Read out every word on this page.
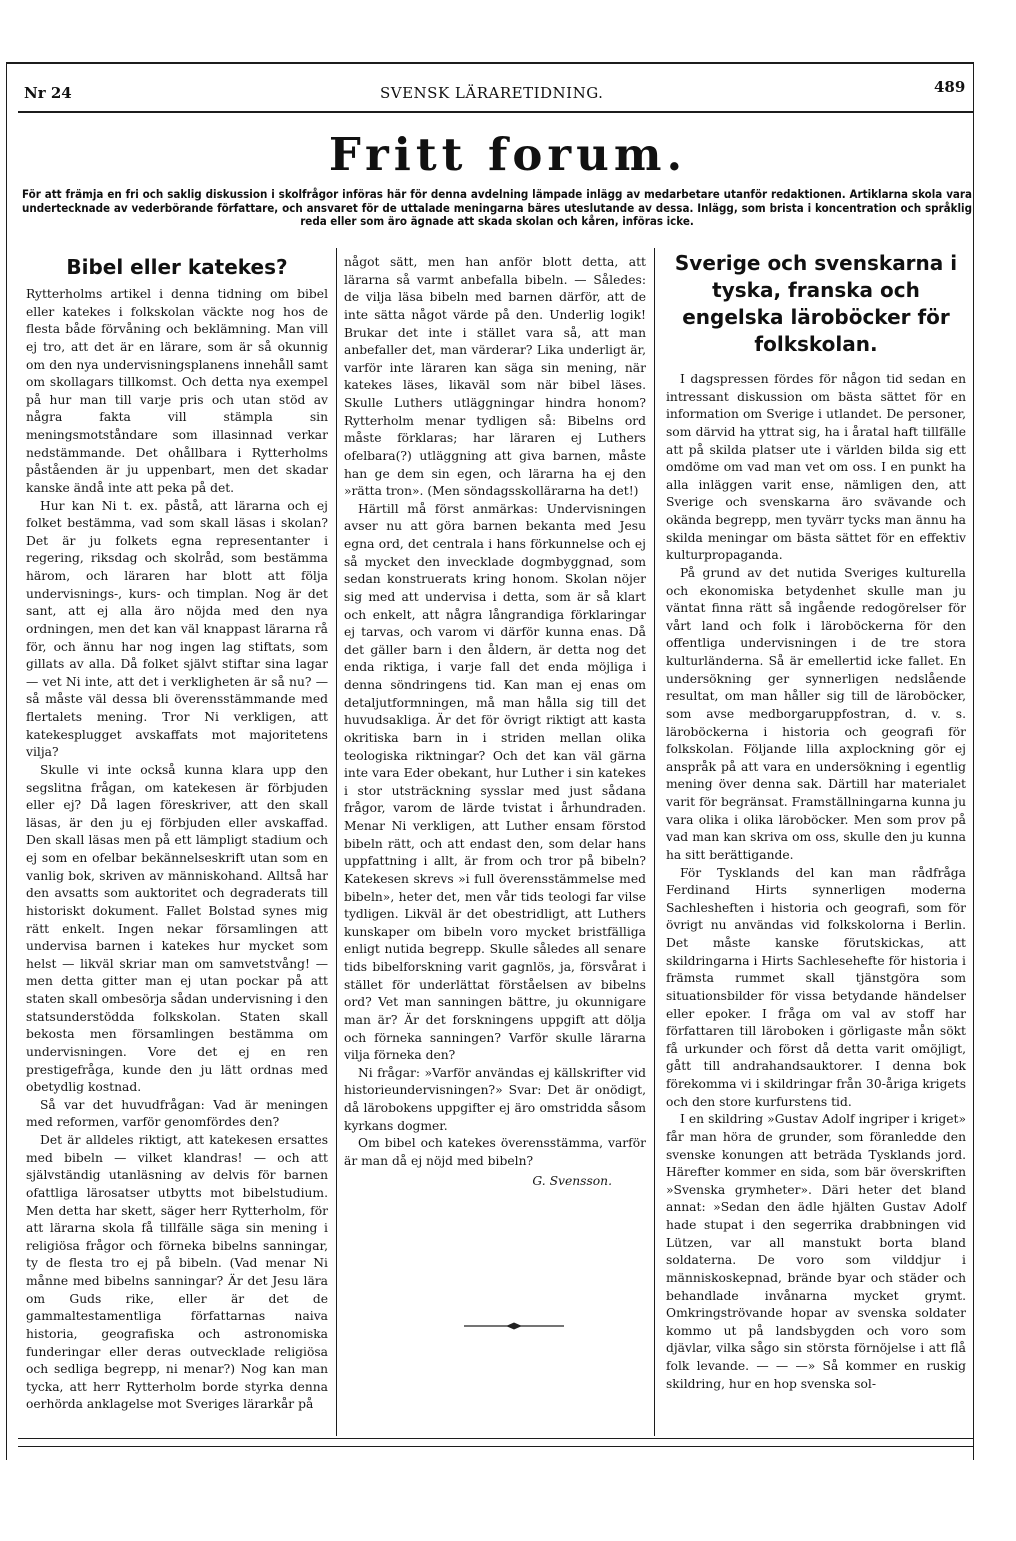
Nr 24	SVENSK LÄRARETIDNING.	489
Fritt forum.
För att främja en fri och saklig diskussion i skolfrågor införas här för denna avdelning lämpade inlägg av medarbetare utanför redaktionen. Artiklarna skola vara undertecknade av vederbörande författare, och ansvaret för de uttalade meningarna bäres uteslutande av dessa. Inlägg, som brista i koncentration och språklig reda eller som äro ägnade att skada skolan och kåren, införas icke.
Bibel eller katekes?

Rytterholms artikel i denna tidning om bibel eller katekes i folkskolan väckte nog hos de flesta både förvåning och beklämning. Man vill ej tro, att det är en lärare, som är så okunnig om den nya undervisningsplanens innehåll samt om skollagars tillkomst. Och detta nya exempel på hur man till varje pris och utan stöd av några fakta vill stämpla sin meningsmotståndare som illasinnad verkar nedstämmande. Det ohållbara i Rytterholms påståenden är ju uppenbart, men det skadar kanske ändå inte att peka på det.

Hur kan Ni t. ex. påstå, att lärarna och ej folket bestämma, vad som skall läsas i skolan? Det är ju folkets egna representanter i regering, riksdag och skolråd, som bestämma härom, och läraren har blott att följa undervisnings-, kurs- och timplan. Nog är det sant, att ej alla äro nöjda med den nya ordningen, men det kan väl knappast lärarna rå för, och ännu har nog ingen lag stiftats, som gillats av alla. Då folket självt stiftar sina lagar — vet Ni inte, att det i verkligheten är så nu? — så måste väl dessa bli överensstämmande med flertalets mening. Tror Ni verkligen, att katekesplugget avskaffats mot majoritetens vilja?

Skulle vi inte också kunna klara upp den segslitna frågan, om katekesen är förbjuden eller ej? Då lagen föreskriver, att den skall läsas, är den ju ej förbjuden eller avskaffad. Den skall läsas men på ett lämpligt stadium och ej som en ofelbar bekännelseskrift utan som en vanlig bok, skriven av människohand. Alltså har den avsatts som auktoritet och degraderats till historiskt dokument. Fallet Bolstad synes mig rätt enkelt. Ingen nekar församlingen att undervisa barnen i katekes hur mycket som helst — likväl skriar man om samvetstvång! — men detta gitter man ej utan pockar på att staten skall ombesörja sådan undervisning i den statsunderstödda folkskolan. Staten skall bekosta men församlingen bestämma om undervisningen. Vore det ej en ren prestigefråga, kunde den ju lätt ordnas med obetydlig kostnad.

Så var det huvudfrågan: Vad är meningen med reformen, varför genomfördes den?

Det är alldeles riktigt, att katekesen ersattes med bibeln — vilket klandras! — och att självständig utanläsning av delvis för barnen ofattliga lärosatser utbytts mot bibelstudium. Men detta har skett, säger herr Rytterholm, för att lärarna skola få tillfälle säga sin mening i religiösa frågor och förneka bibelns sanningar, ty de flesta tro ej på bibeln. (Vad menar Ni månne med bibelns sanningar? Är det Jesu lära om Guds rike, eller är det de gammaltestamentliga författarnas naiva historia, geografiska och astronomiska funderingar eller deras outvecklade religiösa och sedliga begrepp, ni menar?) Nog kan man tycka, att herr Rytterholm borde styrka denna oerhörda anklagelse mot Sveriges lärarkår på

något sätt, men han anför blott detta, att lärarna så varmt anbefalla bibeln. — Således: de vilja läsa bibeln med barnen därför, att de inte sätta något värde på den. Underlig logik! Brukar det inte i stället vara så, att man anbefaller det, man värderar? Lika underligt är, varför inte läraren kan säga sin mening, när katekes läses, likaväl som när bibel läses. Skulle Luthers utläggningar hindra honom? Rytterholm menar tydligen så: Bibelns ord måste förklaras; har läraren ej Luthers ofelbara(?) utläggning att giva barnen, måste han ge dem sin egen, och lärarna ha ej den »rätta tron». (Men söndagsskollärarna ha det!)

Härtill må först anmärkas: Undervisningen avser nu att göra barnen bekanta med Jesu egna ord, det centrala i hans förkunnelse och ej så mycket den invecklade dogmbyggnad, som sedan konstruerats kring honom. Skolan nöjer sig med att undervisa i detta, som är så klart och enkelt, att några långrandiga förklaringar ej tarvas, och varom vi därför kunna enas. Då det gäller barn i den åldern, är detta nog det enda riktiga, i varje fall det enda möjliga i denna söndringens tid. Kan man ej enas om detaljutformningen, må man hålla sig till det huvudsakliga. Är det för övrigt riktigt att kasta okritiska barn in i striden mellan olika teologiska riktningar? Och det kan väl gärna inte vara Eder obekant, hur Luther i sin katekes i stor utsträckning sysslar med just sådana frågor, varom de lärde tvistat i århundraden. Menar Ni verkligen, att Luther ensam förstod bibeln rätt, och att endast den, som delar hans uppfattning i allt, är from och tror på bibeln? Katekesen skrevs »i full överensstämmelse med bibeln», heter det, men vår tids teologi far vilse tydligen. Likväl är det obestridligt, att Luthers kunskaper om bibeln voro mycket bristfälliga enligt nutida begrepp. Skulle således all senare tids bibelforskning varit gagnlös, ja, försvårat i stället för underlättat förståelsen av bibelns ord? Vet man sanningen bättre, ju okunnigare man är? Är det forskningens uppgift att dölja och förneka sanningen? Varför skulle lärarna vilja förneka den?

Ni frågar: »Varför användas ej källskrifter vid historieundervisningen?» Svar: Det är onödigt, då lärobokens uppgifter ej äro omstridda såsom kyrkans dogmer.

Om bibel och katekes överensstämma, varför är man då ej nöjd med bibeln?

G. Svensson.
Sverige och svenskarna i tyska, franska och engelska läroböcker för folkskolan.

I dagspressen fördes för någon tid sedan en intressant diskussion om bästa sättet för en information om Sverige i utlandet. De personer, som därvid ha yttrat sig, ha i åratal haft tillfälle att på skilda platser ute i världen bilda sig ett omdöme om vad man vet om oss. I en punkt ha alla inläggen varit ense, nämligen den, att Sverige och svenskarna äro svävande och okända begrepp, men tyvärr tycks man ännu ha skilda meningar om bästa sättet för en effektiv kulturpropaganda.

På grund av det nutida Sveriges kulturella och ekonomiska betydenhet skulle man ju väntat finna rätt så ingående redogörelser för vårt land och folk i läroböckerna för den offentliga undervisningen i de tre stora kulturländerna. Så är emellertid icke fallet. En undersökning ger synnerligen nedslående resultat, om man håller sig till de läroböcker, som avse medborgaruppfostran, d. v. s. läroböckerna i historia och geografi för folkskolan. Följande lilla axplockning gör ej anspråk på att vara en undersökning i egentlig mening över denna sak. Därtill har materialet varit för begränsat. Framställningarna kunna ju vara olika i olika läroböcker. Men som prov på vad man kan skriva om oss, skulle den ju kunna ha sitt berättigande.

För Tysklands del kan man rådfråga Ferdinand Hirts synnerligen moderna Sachlesheften i historia och geografi, som för övrigt nu användas vid folkskolorna i Berlin. Det måste kanske förutskickas, att skildringarna i Hirts Sachlesehefte för historia i främsta rummet skall tjänstgöra som situationsbilder för vissa betydande händelser eller epoker. I fråga om val av stoff har författaren till läroboken i görligaste mån sökt få urkunder och först då detta varit omöjligt, gått till andrahandsauktorer. I denna bok förekomma vi i skildringar från 30-åriga krigets och den store kurfurstens tid.

I en skildring »Gustav Adolf ingriper i kriget» får man höra de grunder, som föranledde den svenske konungen att beträda Tysklands jord. Härefter kommer en sida, som bär överskriften »Svenska grymheter». Däri heter det bland annat: »Sedan den ädle hjälten Gustav Adolf hade stupat i den segerrika drabbningen vid Lützen, var all manstukt borta bland soldaterna. De voro som vilddjur i människoskepnad, brände byar och städer och behandlade invånarna mycket grymt. Omkringströvande hopar av svenska soldater kommo ut på landsbygden och voro som djävlar, vilka sågo sin största förnöjelse i att flå folk levande. — — —» Så kommer en ruskig skildring, hur en hop svenska sol-
